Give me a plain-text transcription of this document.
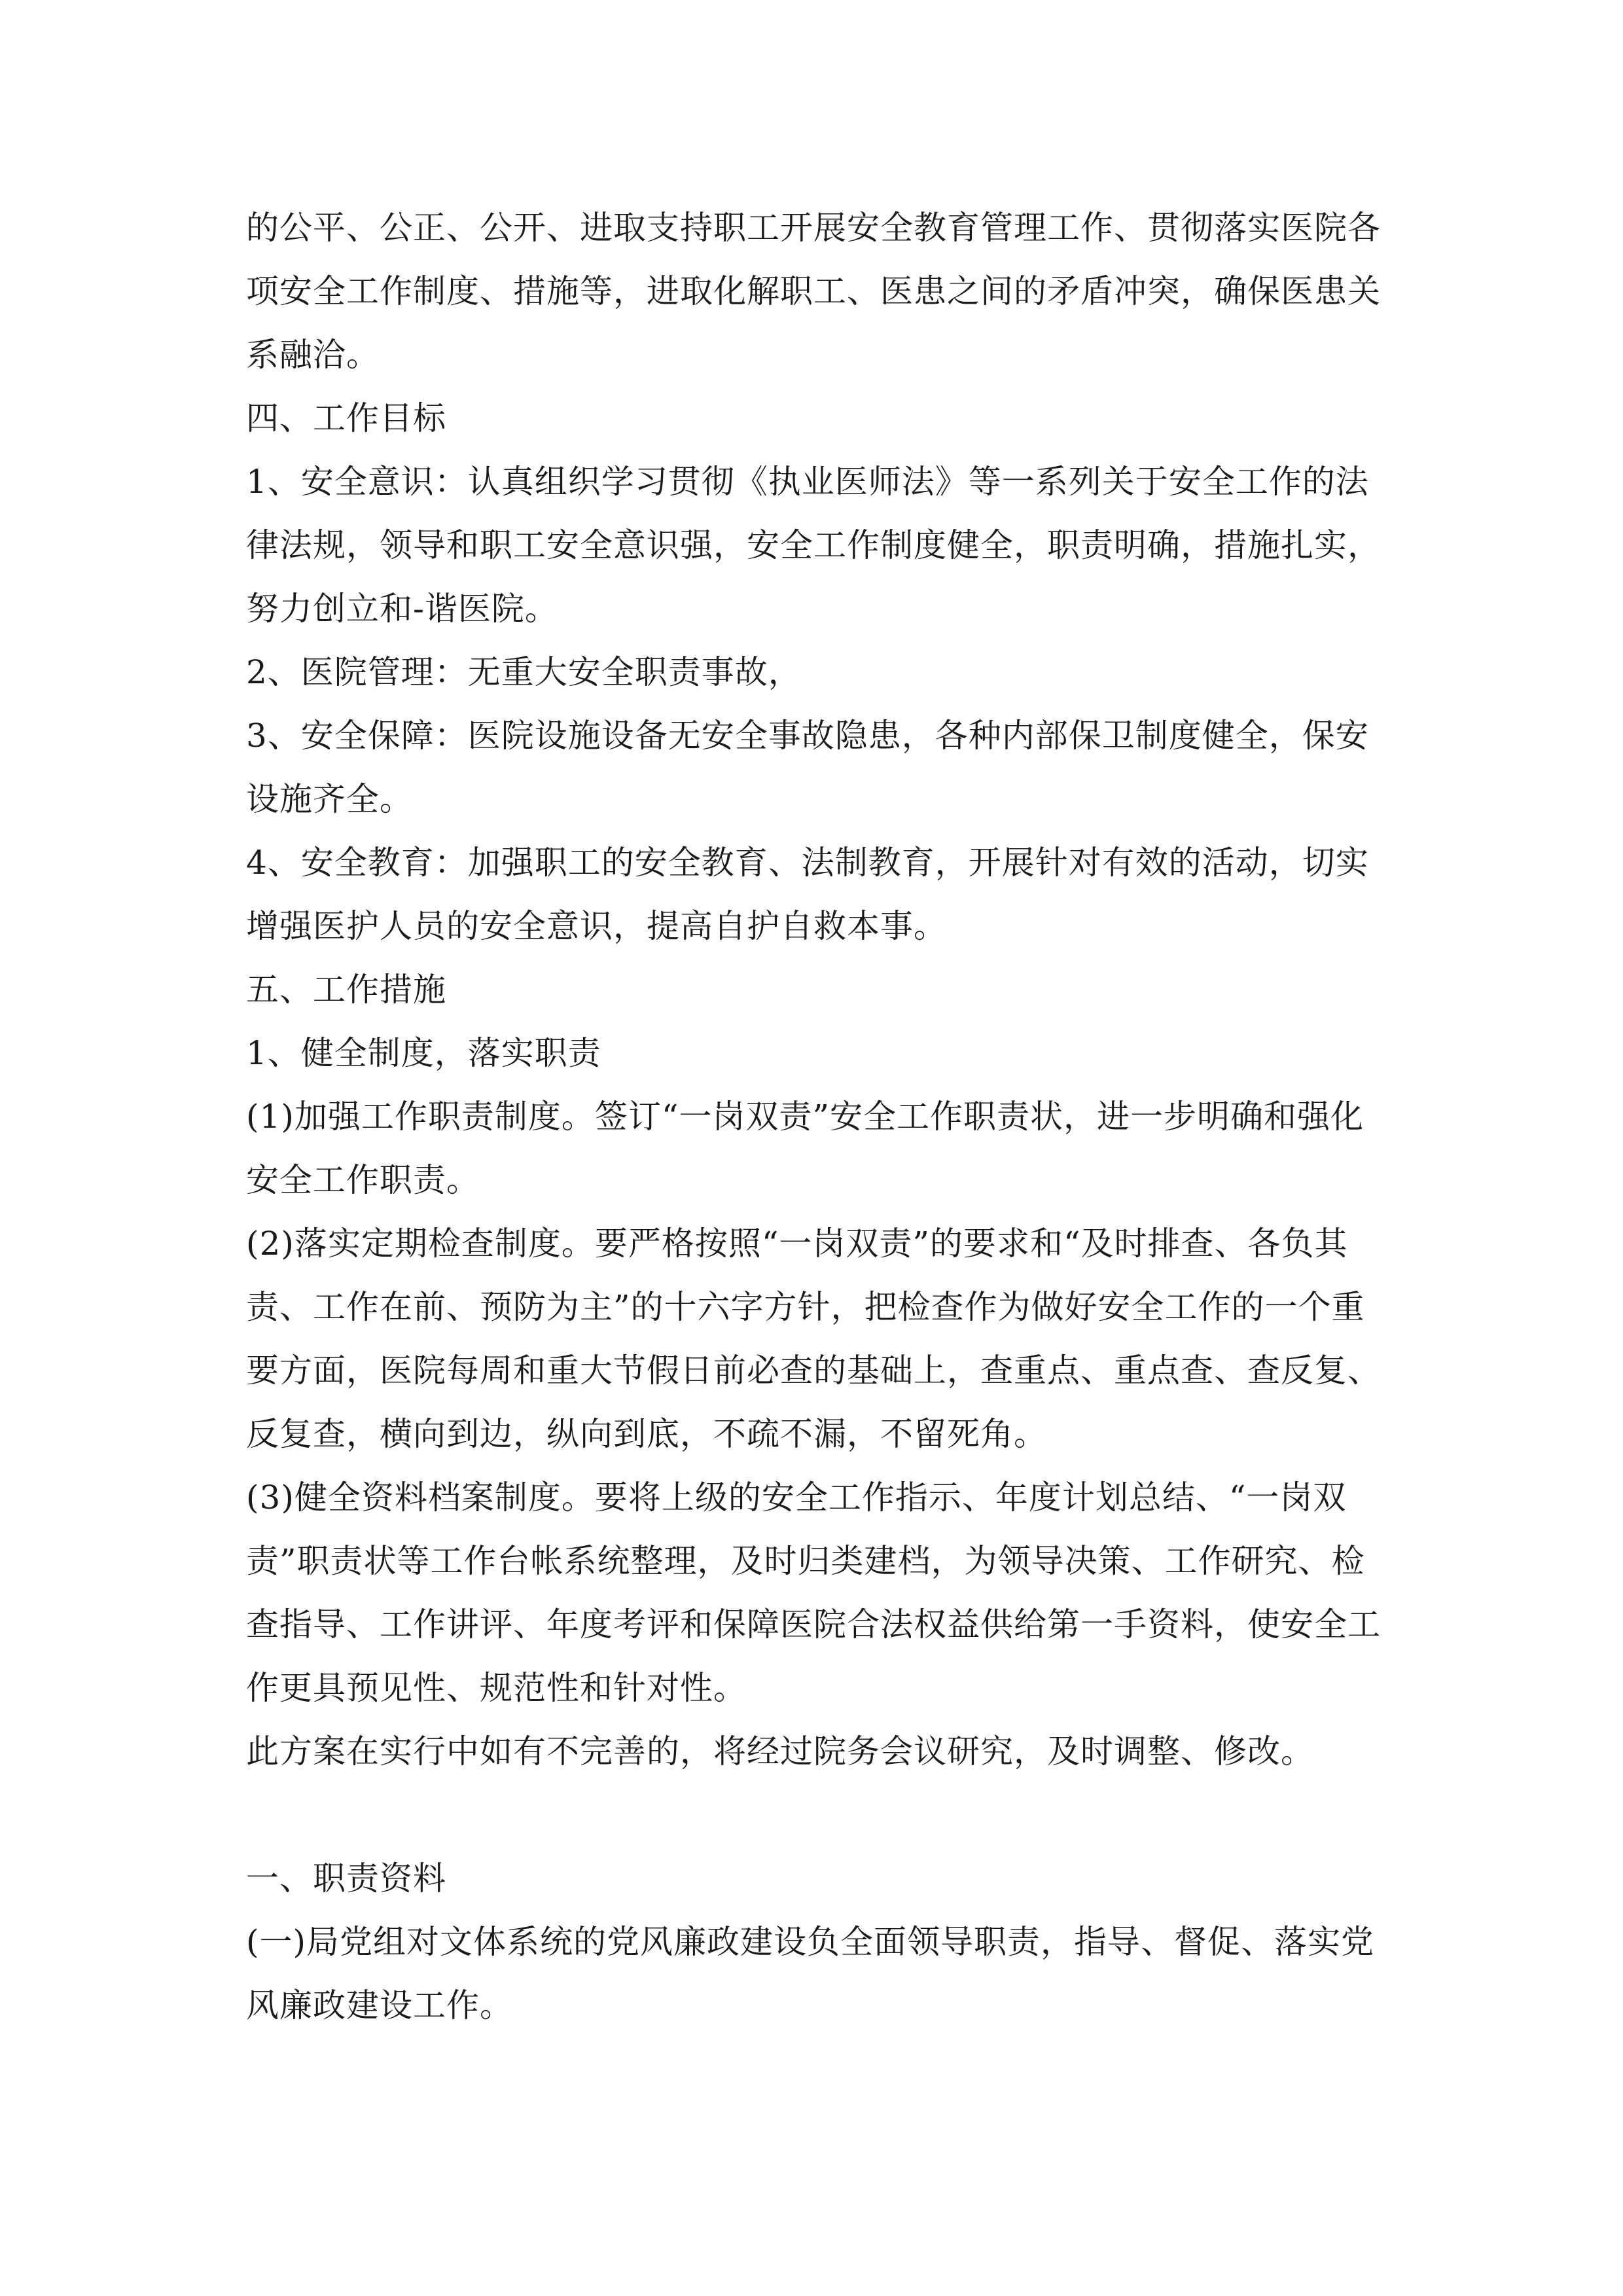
的公平、公正、公开、进取支持职工开展安全教育管理工作、贯彻落实医院各项安全工作制度、措施等，进取化解职工、医患之间的矛盾冲突，确保医患关系融洽。

四、工作目标

1、安全意识：认真组织学习贯彻《执业医师法》等一系列关于安全工作的法律法规，领导和职工安全意识强，安全工作制度健全，职责明确，措施扎实，努力创立和-谐医院。

2、医院管理：无重大安全职责事故，

3、安全保障：医院设施设备无安全事故隐患，各种内部保卫制度健全，保安设施齐全。

4、安全教育：加强职工的安全教育、法制教育，开展针对有效的活动，切实增强医护人员的安全意识，提高自护自救本事。

五、工作措施

1、健全制度，落实职责

(1)加强工作职责制度。签订“一岗双责”安全工作职责状，进一步明确和强化安全工作职责。

(2)落实定期检查制度。要严格按照“一岗双责”的要求和“及时排查、各负其责、工作在前、预防为主”的十六字方针，把检查作为做好安全工作的一个重要方面，医院每周和重大节假日前必查的基础上，查重点、重点查、查反复、反复查，横向到边，纵向到底，不疏不漏，不留死角。

(3)健全资料档案制度。要将上级的安全工作指示、年度计划总结、“一岗双责”职责状等工作台帐系统整理，及时归类建档，为领导决策、工作研究、检查指导、工作讲评、年度考评和保障医院合法权益供给第一手资料，使安全工作更具预见性、规范性和针对性。

此方案在实行中如有不完善的，将经过院务会议研究，及时调整、修改。

一、职责资料

(一)局党组对文体系统的党风廉政建设负全面领导职责，指导、督促、落实党风廉政建设工作。
